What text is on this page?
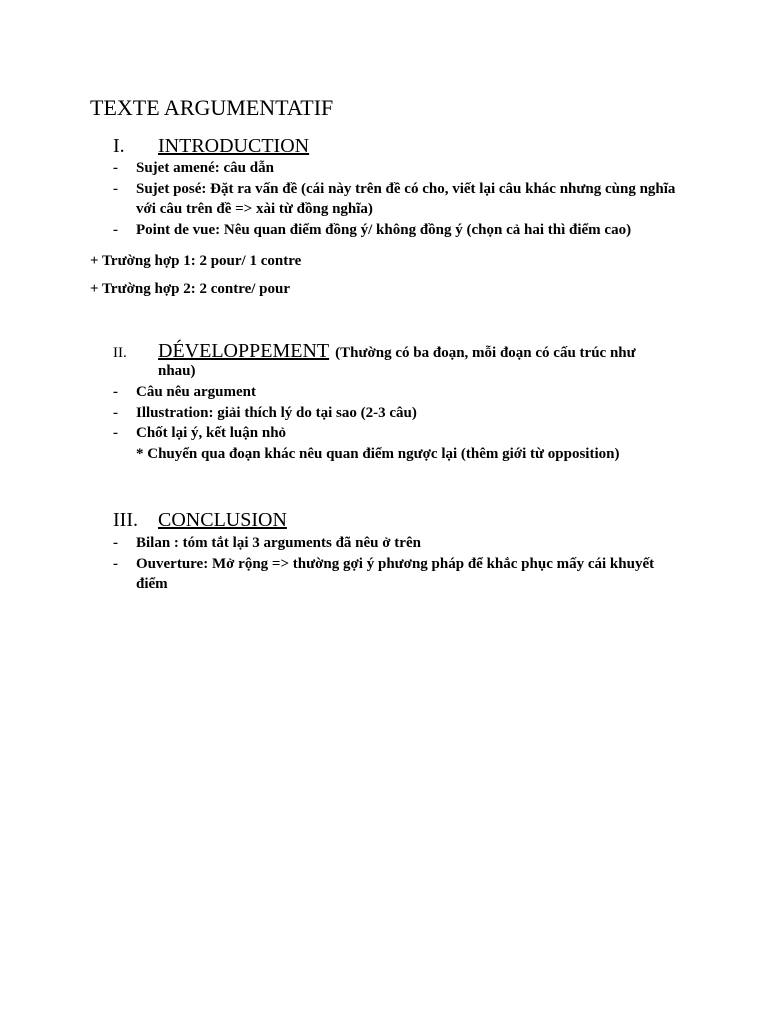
TEXTE ARGUMENTATIF
I. INTRODUCTION
- Sujet amené: câu dẫn
- Sujet posé: Đặt ra vấn đề (cái này trên đề có cho, viết lại câu khác nhưng cùng nghĩa với câu trên đề => xài từ đồng nghĩa)
- Point de vue: Nêu quan điểm đồng ý/ không đồng ý (chọn cả hai thì điểm cao)
+ Trường hợp 1: 2 pour/ 1 contre
+ Trường hợp 2: 2 contre/ pour
II. DÉVELOPPEMENT (Thường có ba đoạn, mỗi đoạn có cấu trúc như
nhau)
- Câu nêu argument
- Illustration: giải thích lý do tại sao (2-3 câu)
- Chốt lại ý, kết luận nhỏ
* Chuyển qua đoạn khác nêu quan điểm ngược lại (thêm giới từ opposition)
III. CONCLUSION
- Bilan : tóm tắt lại 3 arguments đã nêu ở trên
- Ouverture: Mở rộng => thường gợi ý phương pháp để khắc phục mấy cái khuyết điểm
